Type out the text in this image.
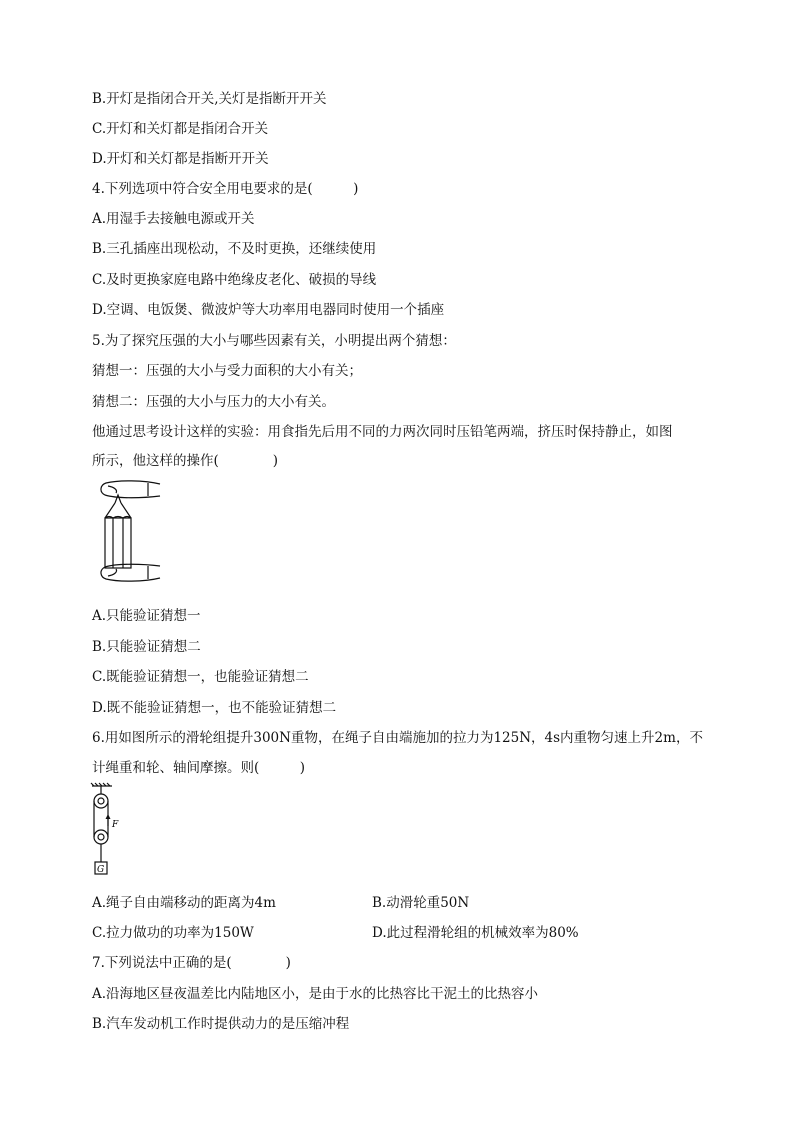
B.开灯是指闭合开关,关灯是指断开开关
C.开灯和关灯都是指闭合开关
D.开灯和关灯都是指断开开关
4.下列选项中符合安全用电要求的是(　　　)
A.用湿手去接触电源或开关
B.三孔插座出现松动，不及时更换，还继续使用
C.及时更换家庭电路中绝缘皮老化、破损的导线
D.空调、电饭煲、微波炉等大功率用电器同时使用一个插座
5.为了探究压强的大小与哪些因素有关，小明提出两个猜想：
猜想一：压强的大小与受力面积的大小有关；
猜想二：压强的大小与压力的大小有关。
他通过思考设计这样的实验：用食指先后用不同的力两次同时压铅笔两端，挤压时保持静止，如图
所示，他这样的操作(　　　　)
A.只能验证猜想一
B.只能验证猜想二
C.既能验证猜想一，也能验证猜想二
D.既不能验证猜想一，也不能验证猜想二
6.用如图所示的滑轮组提升300N重物，在绳子自由端施加的拉力为125N，4s内重物匀速上升2m，不
计绳重和轮、轴间摩擦。则(　　　)
F
G
A.绳子自由端移动的距离为4m	B.动滑轮重50N
C.拉力做功的功率为150W	D.此过程滑轮组的机械效率为80%
7.下列说法中正确的是(　　　　)
A.沿海地区昼夜温差比内陆地区小，是由于水的比热容比干泥土的比热容小
B.汽车发动机工作时提供动力的是压缩冲程
